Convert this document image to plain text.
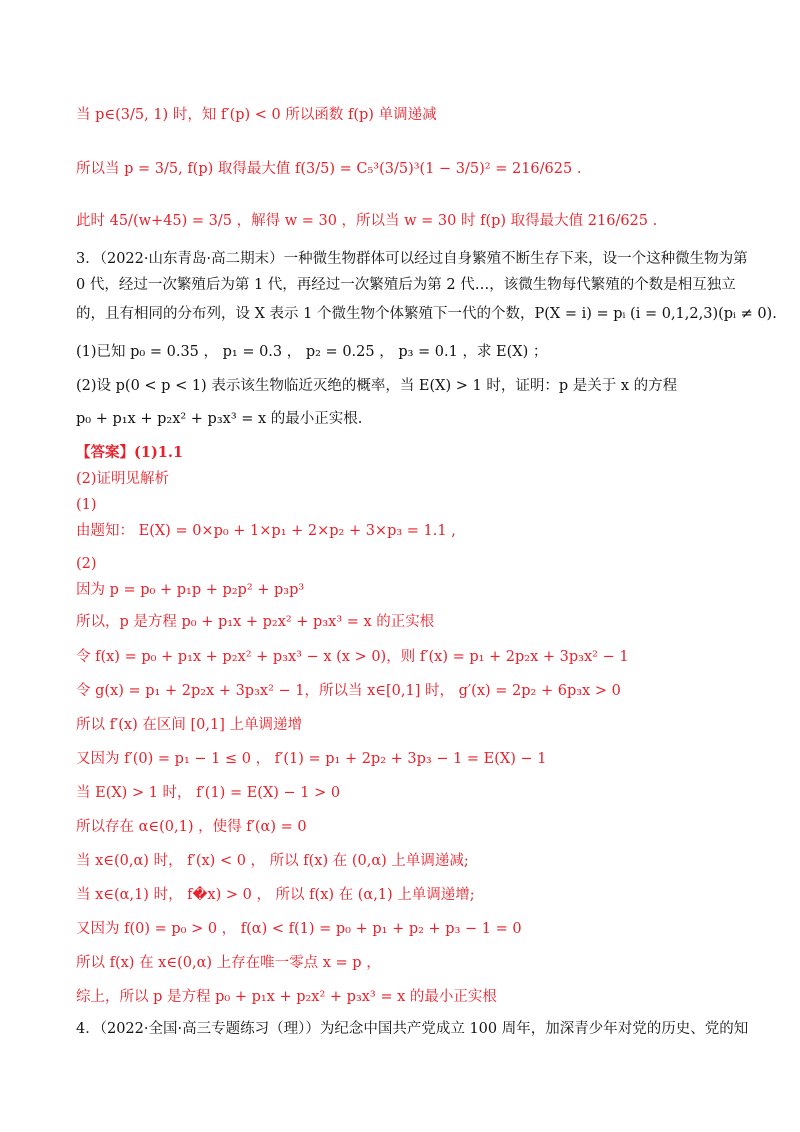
当 p∈(3/5, 1) 时，知 f′(p) < 0 所以函数 f(p) 单调递减
所以当 p = 3/5, f(p) 取得最大值 f(3/5) = C₅³(3/5)³(1 − 3/5)² = 216/625 .
此时 45/(w+45) = 3/5 ，解得 w = 30 ，所以当 w = 30 时 f(p) 取得最大值 216/625 .
3．（2022·山东青岛·高二期末）一种微生物群体可以经过自身繁殖不断生存下来，设一个这种微生物为第
0 代，经过一次繁殖后为第 1 代，再经过一次繁殖后为第 2 代…，该微生物每代繁殖的个数是相互独立
的，且有相同的分布列，设 X 表示 1 个微生物个体繁殖下一代的个数，P(X = i) = pᵢ (i = 0,1,2,3)(pᵢ ≠ 0).
(1)已知 p₀ = 0.35 ， p₁ = 0.3 ， p₂ = 0.25 ， p₃ = 0.1 ，求 E(X) ；
(2)设 p(0 < p < 1) 表示该生物临近灭绝的概率，当 E(X) > 1 时，证明：p 是关于 x 的方程
p₀ + p₁x + p₂x² + p₃x³ = x 的最小正实根.
【答案】(1)1.1
(2)证明见解析
(1)
由题知： E(X) = 0×p₀ + 1×p₁ + 2×p₂ + 3×p₃ = 1.1 ,
(2)
因为 p = p₀ + p₁p + p₂p² + p₃p³
所以，p 是方程 p₀ + p₁x + p₂x² + p₃x³ = x 的正实根
令 f(x) = p₀ + p₁x + p₂x² + p₃x³ − x (x > 0)，则 f′(x) = p₁ + 2p₂x + 3p₃x² − 1
令 g(x) = p₁ + 2p₂x + 3p₃x² − 1，所以当 x∈[0,1] 时， g′(x) = 2p₂ + 6p₃x > 0
所以 f′(x) 在区间 [0,1] 上单调递增
又因为 f′(0) = p₁ − 1 ≤ 0 ， f′(1) = p₁ + 2p₂ + 3p₃ − 1 = E(X) − 1
当 E(X) > 1 时， f′(1) = E(X) − 1 > 0
所以存在 α∈(0,1) ，使得 f′(α) = 0
当 x∈(0,α) 时， f′(x) < 0 ， 所以 f(x) 在 (0,α) 上单调递减;
当 x∈(α,1) 时， f�x) > 0 ， 所以 f(x) 在 (α,1) 上单调递增;
又因为 f(0) = p₀ > 0 ， f(α) < f(1) = p₀ + p₁ + p₂ + p₃ − 1 = 0
所以 f(x) 在 x∈(0,α) 上存在唯一零点 x = p ，
综上，所以 p 是方程 p₀ + p₁x + p₂x² + p₃x³ = x 的最小正实根
4．（2022·全国·高三专题练习（理））为纪念中国共产党成立 100 周年，加深青少年对党的历史、党的知
